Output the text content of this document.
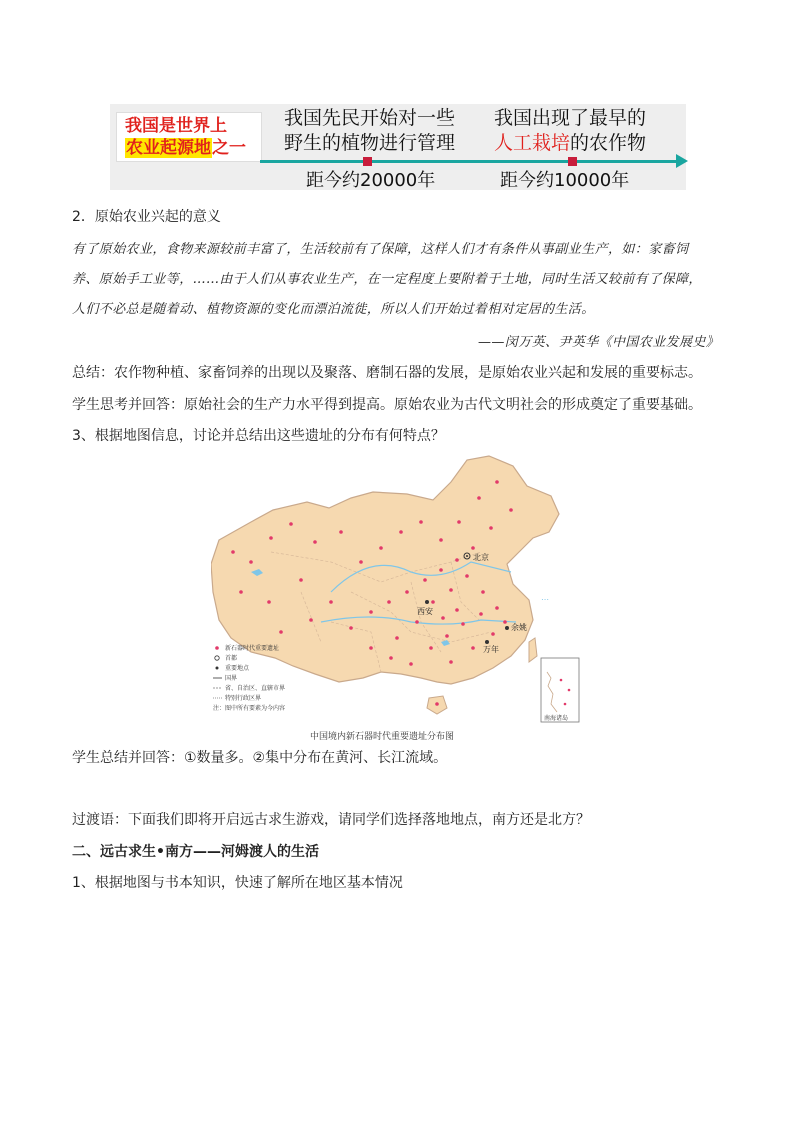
我国是世界上
农业起源地之一
我国先民开始对一些
野生的植物进行管理
我国出现了最早的
人工栽培的农作物
距今约20000年	距今约10000年
2．原始农业兴起的意义
有了原始农业，食物来源较前丰富了，生活较前有了保障，这样人们才有条件从事副业生产，如：家畜饲
养、原始手工业等，……由于人们从事农业生产，在一定程度上要附着于土地，同时生活又较前有了保障，
人们不必总是随着动、植物资源的变化而漂泊流徙，所以人们开始过着相对定居的生活。
——闵万英、尹英华《中国农业发展史》
总结：农作物种植、家畜饲养的出现以及聚落、磨制石器的发展，是原始农业兴起和发展的重要标志。
学生思考并回答：原始社会的生产力水平得到提高。原始农业为古代文明社会的形成奠定了重要基础。
3、根据地图信息，讨论并总结出这些遗址的分布有何特点？
⋯
南海诸岛
北京
西安
余姚
万年
新石器时代重要遗址
首都
重要地点
国界
省、自治区、直辖市界
特别行政区界
注：图中所有要素为今内容
中国境内新石器时代重要遗址分布图
学生总结并回答：①数量多。②集中分布在黄河、长江流域。
过渡语：下面我们即将开启远古求生游戏，请同学们选择落地地点，南方还是北方？
二、远古求生•南方——河姆渡人的生活
1、根据地图与书本知识，快速了解所在地区基本情况
